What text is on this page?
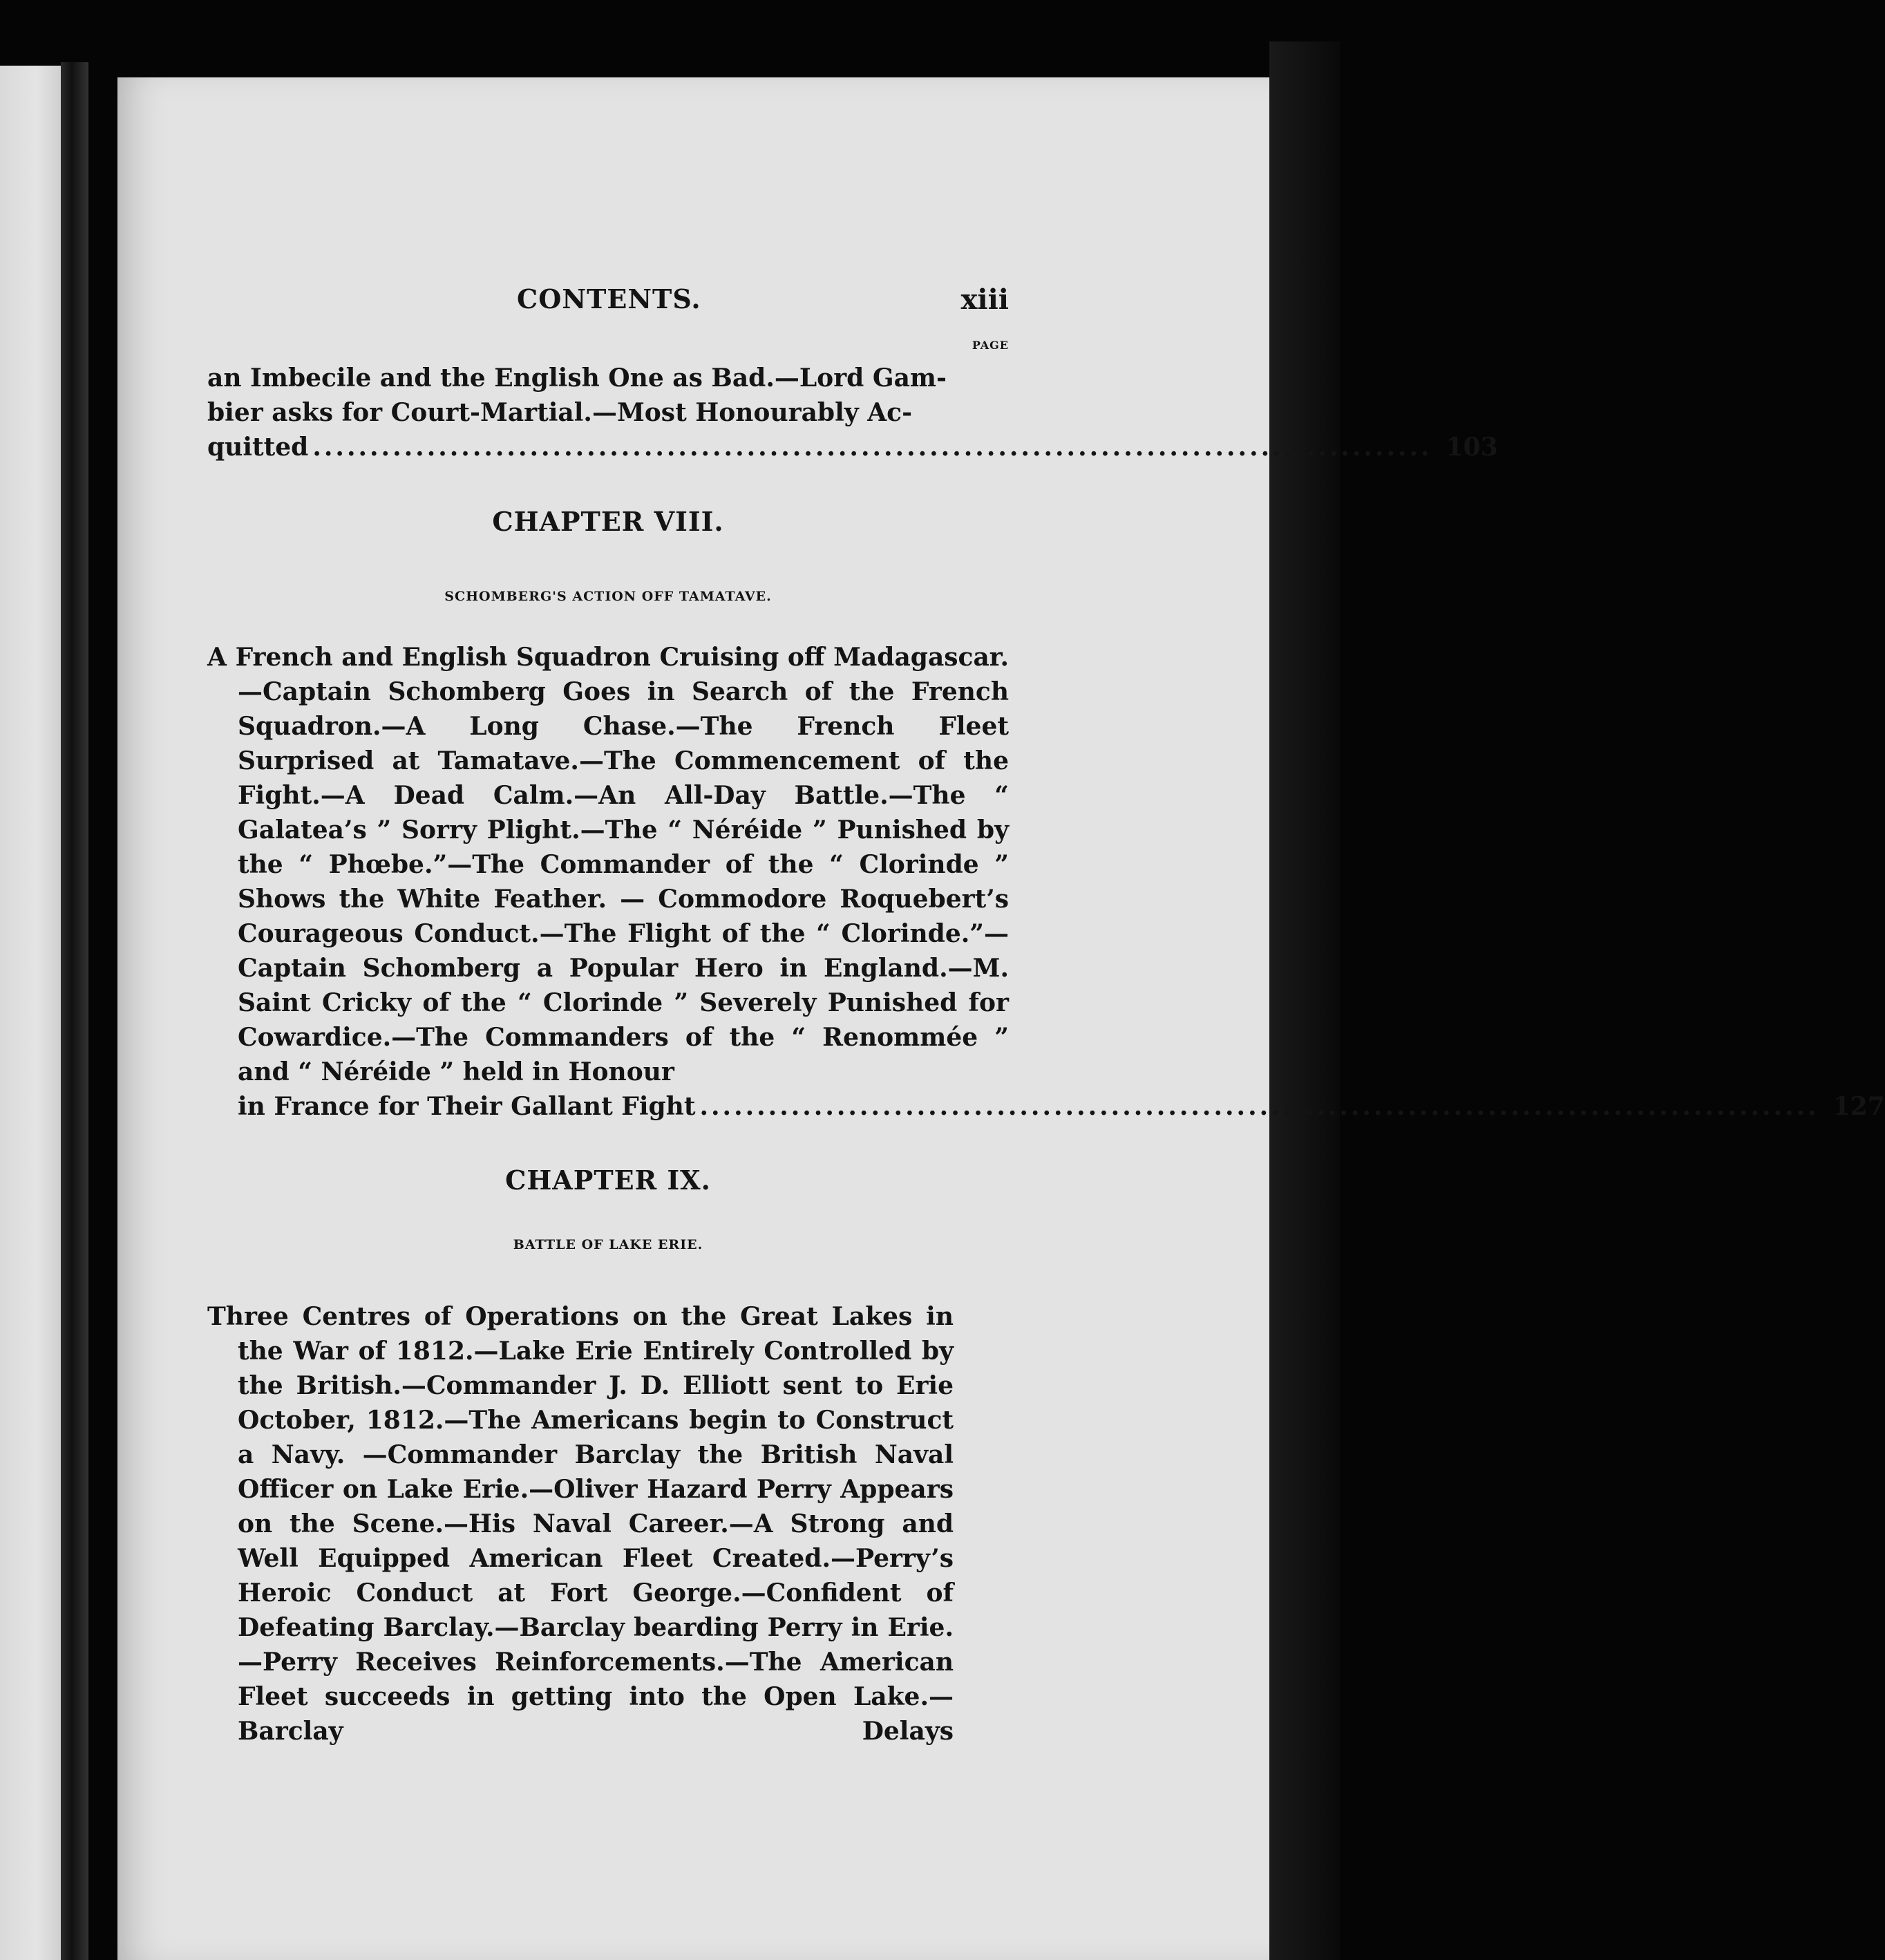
CONTENTS.	xiii
PAGE
an Imbecile and the English One as Bad.—Lord Gam-
bier asks for Court-Martial.—Most Honourably Ac-
quitted .................................................................................................. 103
CHAPTER VIII.
SCHOMBERG'S ACTION OFF TAMATAVE.

A French and English Squadron Cruising off Madagascar.—Captain Schomberg Goes in Search of the French Squadron.—A Long Chase.—The French Fleet Surprised at Tamatave.—The Commencement of the Fight.—A Dead Calm.—An All-Day Battle.—The “ Galatea’s ” Sorry Plight.—The “ Néréide ” Punished by the “ Phœbe.”—The Commander of the “ Clorinde ” Shows the White Feather. — Commodore Roquebert’s Courageous Conduct.—The Flight of the “ Clorinde.”—Captain Schomberg a Popular Hero in England.—M. Saint Cricky of the “ Clorinde ” Severely Punished for Cowardice.—The Commanders of the “ Renommée ” and “ Néréide ” held in Honour

in France for Their Gallant Fight .................................................................................................. 127
CHAPTER IX.
BATTLE OF LAKE ERIE.

Three Centres of Operations on the Great Lakes in the War of 1812.—Lake Erie Entirely Controlled by the British.—Commander J. D. Elliott sent to Erie October, 1812.—The Americans begin to Construct a Navy. —Commander Barclay the British Naval Officer on Lake Erie.—Oliver Hazard Perry Appears on the Scene.—His Naval Career.—A Strong and Well Equipped American Fleet Created.—Perry’s Heroic Conduct at Fort George.—Confident of Defeating Barclay.—Barclay bearding Perry in Erie.—Perry Receives Reinforcements.—The American Fleet succeeds in getting into the Open Lake.—Barclay Delays
